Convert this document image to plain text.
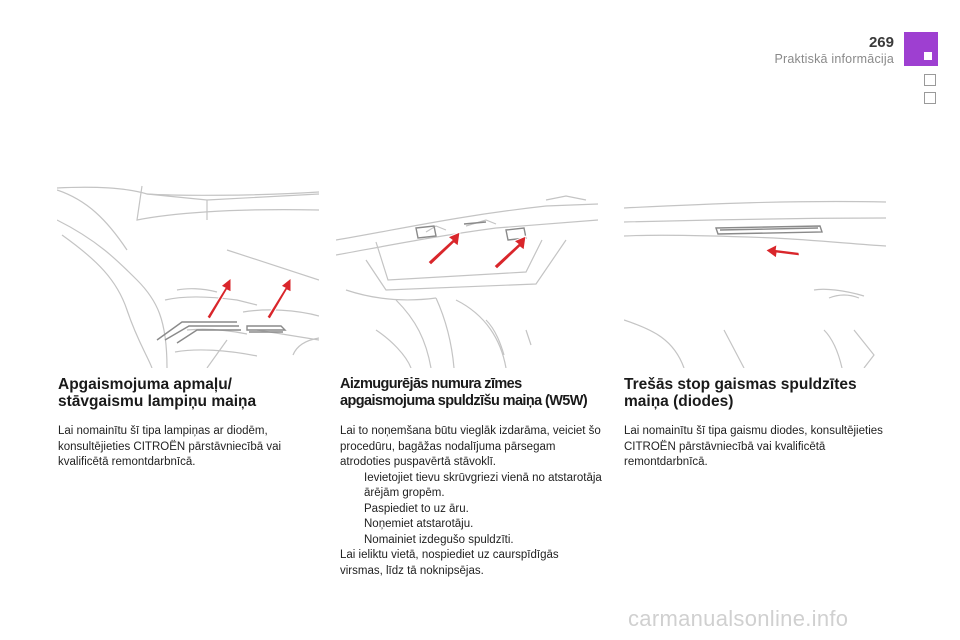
269
Praktiskā informācija
Apgaismojuma apmaļu/ stāvgaismu lampiņu maiņa

Lai nomainītu šī tipa lampiņas ar diodēm, konsultējieties CITROËN pārstāvniecībā vai kvalificētā remontdarbnīcā.

Aizmugurējās numura zīmes apgaismojuma spuldzīšu maiņa (W5W)

Lai to noņemšana būtu vieglāk izdarāma, veiciet šo procedūru, bagāžas nodalījuma pārsegam atrodoties puspavērtā stāvoklī.

Ievietojiet tievu skrūvgriezi vienā no atstarotāja ārējām gropēm.
Paspiediet to uz āru.
Noņemiet atstarotāju.
Nomainiet izdegušo spuldzīti.

Lai ieliktu vietā, nospiediet uz caurspīdīgās virsmas, līdz tā noknipsējas.

Trešās stop gaismas spuldzītes maiņa (diodes)

Lai nomainītu šī tipa gaismu diodes, konsultējieties CITROËN pārstāvniecībā vai kvalificētā remontdarbnīcā.

carmanualsonline.info
